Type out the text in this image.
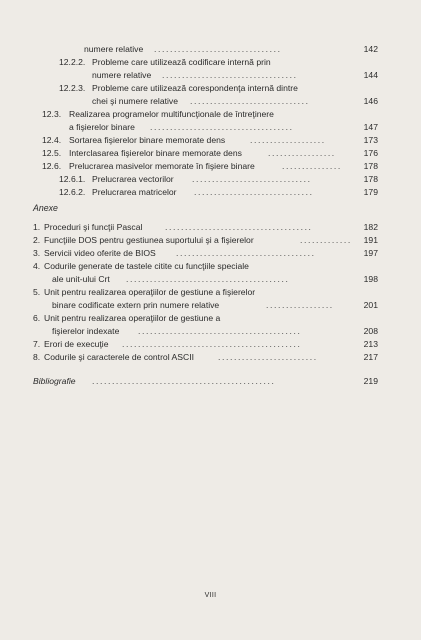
numere relative ................................	142
12.2.2. Probleme care utilizează codificare internă prin
numere relative ..................................	144
12.2.3. Probleme care utilizează corespondenţa internă dintre
chei şi numere relative ..............................	146
12.3. Realizarea programelor multifuncţionale de întreţinere
a fişierelor binare ....................................	147
12.4. Sortarea fişierelor binare memorate dens	...................	173
12.5. Interclasarea fişierelor binare memorate dens	.................	176
12.6. Prelucrarea masivelor memorate în fişiere binare	...............	178
12.6.1. Prelucrarea vectorilor ..............................	178
12.6.2. Prelucrarea matricelor ..............................	179
Anexe
1. Proceduri şi funcţii Pascal	.....................................	182
2. Funcţiile DOS pentru gestiunea suportului şi a fişierelor	.............	191
3. Servicii video oferite de BIOS ...................................	197
4. Codurile generate de tastele citite cu funcţiile speciale
ale unit-ului Crt .........................................	198
5. Unit pentru realizarea operaţiilor de gestiune a fişierelor
binare codificate extern prin numere relative	.................	201
6. Unit pentru realizarea operaţiilor de gestiune a
fişierelor indexate .........................................	208
7. Erori de execuţie .............................................	213
8. Codurile şi caracterele de control ASCII	.........................	217
Bibliografie ..............................................	219
VIII
